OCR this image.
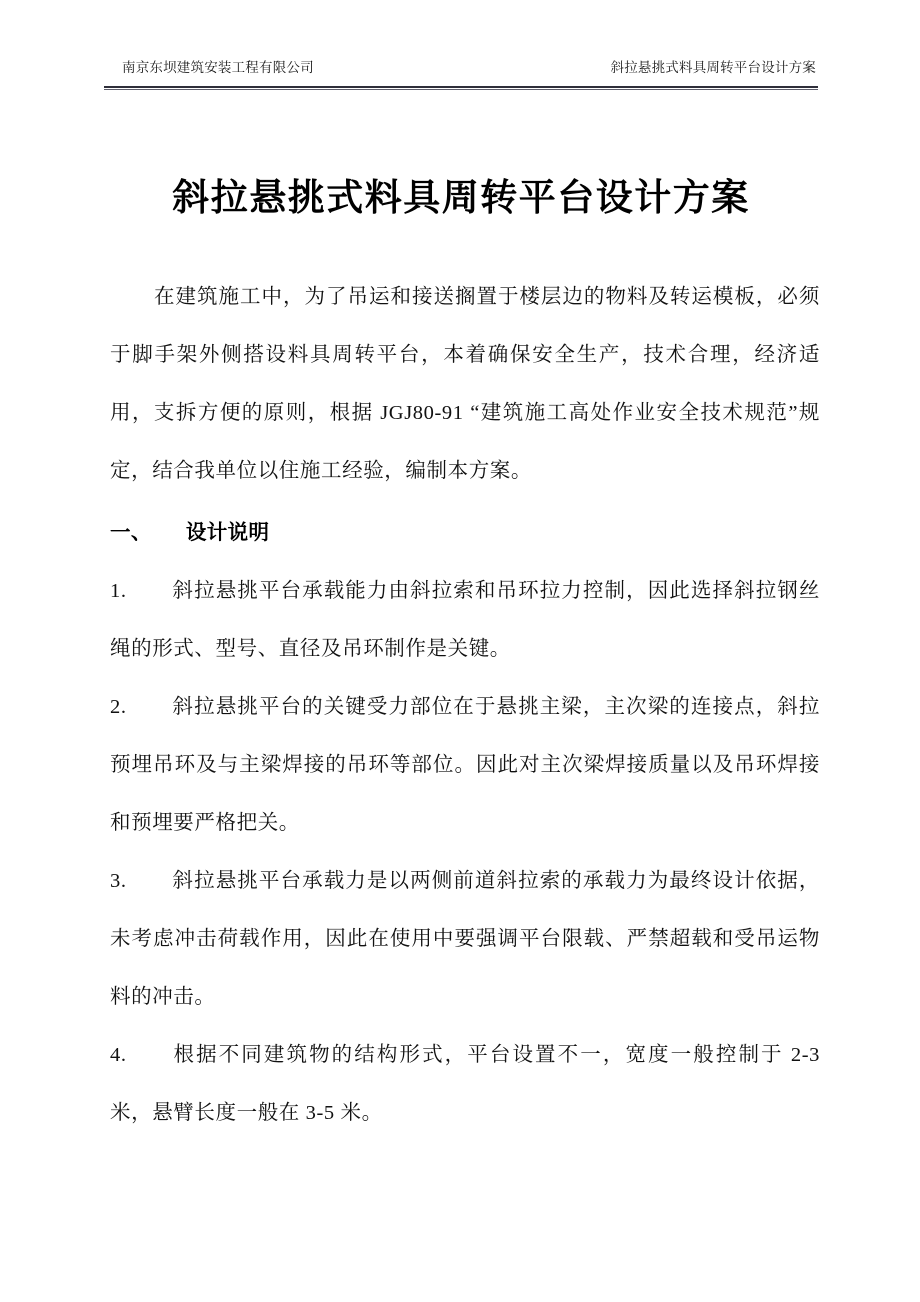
南京东坝建筑安装工程有限公司	斜拉悬挑式料具周转平台设计方案
斜拉悬挑式料具周转平台设计方案

在建筑施工中，为了吊运和接送搁置于楼层边的物料及转运模板，必须于脚手架外侧搭设料具周转平台，本着确保安全生产，技术合理，经济适用，支拆方便的原则，根据 JGJ80-91 “建筑施工高处作业安全技术规范”规定，结合我单位以住施工经验，编制本方案。

一、 设计说明

1. 斜拉悬挑平台承载能力由斜拉索和吊环拉力控制，因此选择斜拉钢丝绳的形式、型号、直径及吊环制作是关键。

2. 斜拉悬挑平台的关键受力部位在于悬挑主梁，主次梁的连接点，斜拉预埋吊环及与主梁焊接的吊环等部位。因此对主次梁焊接质量以及吊环焊接和预埋要严格把关。

3. 斜拉悬挑平台承载力是以两侧前道斜拉索的承载力为最终设计依据，未考虑冲击荷载作用，因此在使用中要强调平台限载、严禁超载和受吊运物料的冲击。

4. 根据不同建筑物的结构形式，平台设置不一，宽度一般控制于 2-3 米，悬臂长度一般在 3-5 米。
